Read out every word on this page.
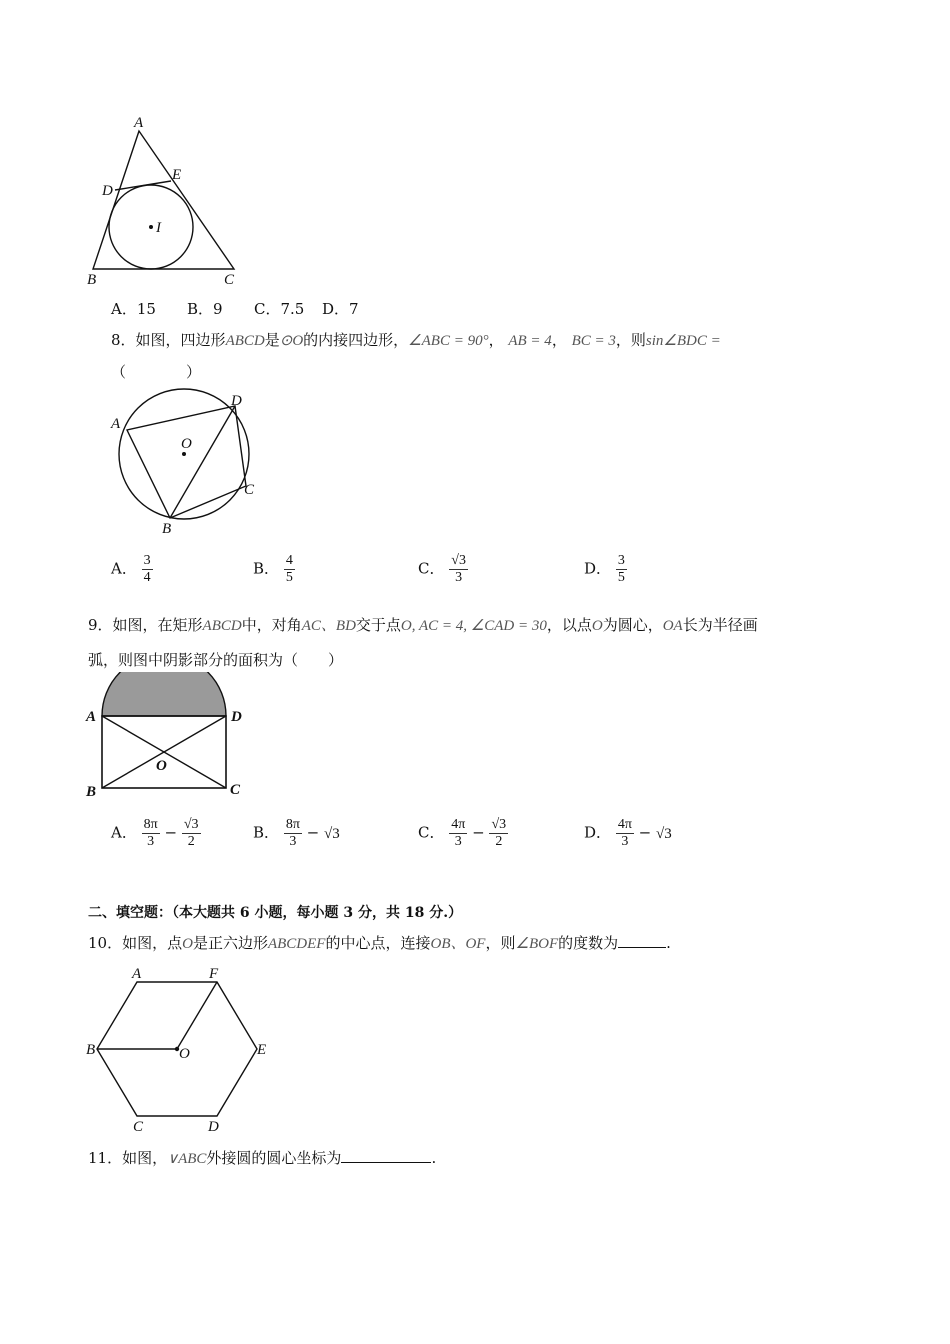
A
D
E
I
B	C
A．15 B．9 C．7.5 D．7
8．如图，四边形ABCD是⊙O的内接四边形，∠ABC = 90°， AB = 4， BC = 3，则sin∠BDC =
（　　　　）
A
D
O
C
B
A． $\frac{3}{4}$	B． $\frac{4}{5}$	C． $\frac{√3}{3}$	D． $\frac{3}{5}$
9．如图，在矩形ABCD中，对角AC、BD交于点O, AC = 4, ∠CAD = 30，以点O为圆心，OA长为半径画
弧，则图中阴影部分的面积为（　　）
A	D
O
B	C
A． $\frac{8\pi}{3} - \frac{√3}{2}$	B． $\frac{8\pi}{3} - √3$	C． $\frac{4\pi}{3} - \frac{√3}{2}$	D． $\frac{4\pi}{3} - √3$
二、填空题：（本大题共 6 小题，每小题 3 分，共 18 分.）
10．如图，点O是正六边形ABCDEF的中心点，连接OB、OF，则∠BOF的度数为	.
A	F
B	O	E
C	D
11．如图，∨ABC外接圆的圆心坐标为	.
